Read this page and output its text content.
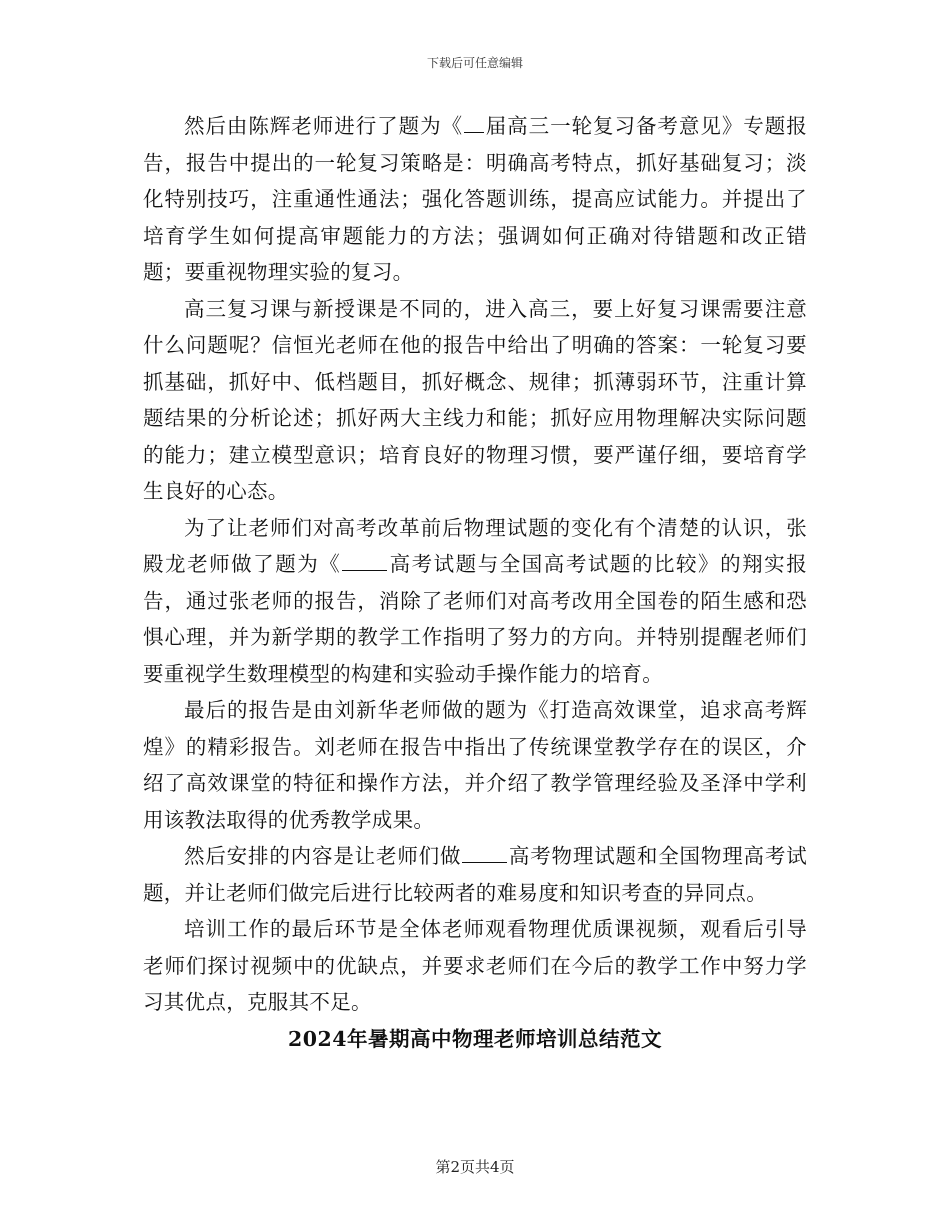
下载后可任意编辑

然后由陈辉老师进行了题为《 届高三一轮复习备考意见》专题报告，报告中提出的一轮复习策略是：明确高考特点，抓好基础复习；淡化特别技巧，注重通性通法；强化答题训练，提高应试能力。并提出了培育学生如何提高审题能力的方法；强调如何正确对待错题和改正错题；要重视物理实验的复习。

高三复习课与新授课是不同的，进入高三，要上好复习课需要注意什么问题呢？信恒光老师在他的报告中给出了明确的答案：一轮复习要抓基础，抓好中、低档题目，抓好概念、规律；抓薄弱环节，注重计算题结果的分析论述；抓好两大主线力和能；抓好应用物理解决实际问题的能力；建立模型意识；培育良好的物理习惯，要严谨仔细，要培育学生良好的心态。

为了让老师们对高考改革前后物理试题的变化有个清楚的认识，张殿龙老师做了题为《 高考试题与全国高考试题的比较》的翔实报告，通过张老师的报告，消除了老师们对高考改用全国卷的陌生感和恐惧心理，并为新学期的教学工作指明了努力的方向。并特别提醒老师们要重视学生数理模型的构建和实验动手操作能力的培育。

最后的报告是由刘新华老师做的题为《打造高效课堂，追求高考辉煌》的精彩报告。刘老师在报告中指出了传统课堂教学存在的误区，介绍了高效课堂的特征和操作方法，并介绍了教学管理经验及圣泽中学利用该教法取得的优秀教学成果。

然后安排的内容是让老师们做 高考物理试题和全国物理高考试题，并让老师们做完后进行比较两者的难易度和知识考查的异同点。

培训工作的最后环节是全体老师观看物理优质课视频，观看后引导老师们探讨视频中的优缺点，并要求老师们在今后的教学工作中努力学习其优点，克服其不足。

2024年暑期高中物理老师培训总结范文

第2页共4页
